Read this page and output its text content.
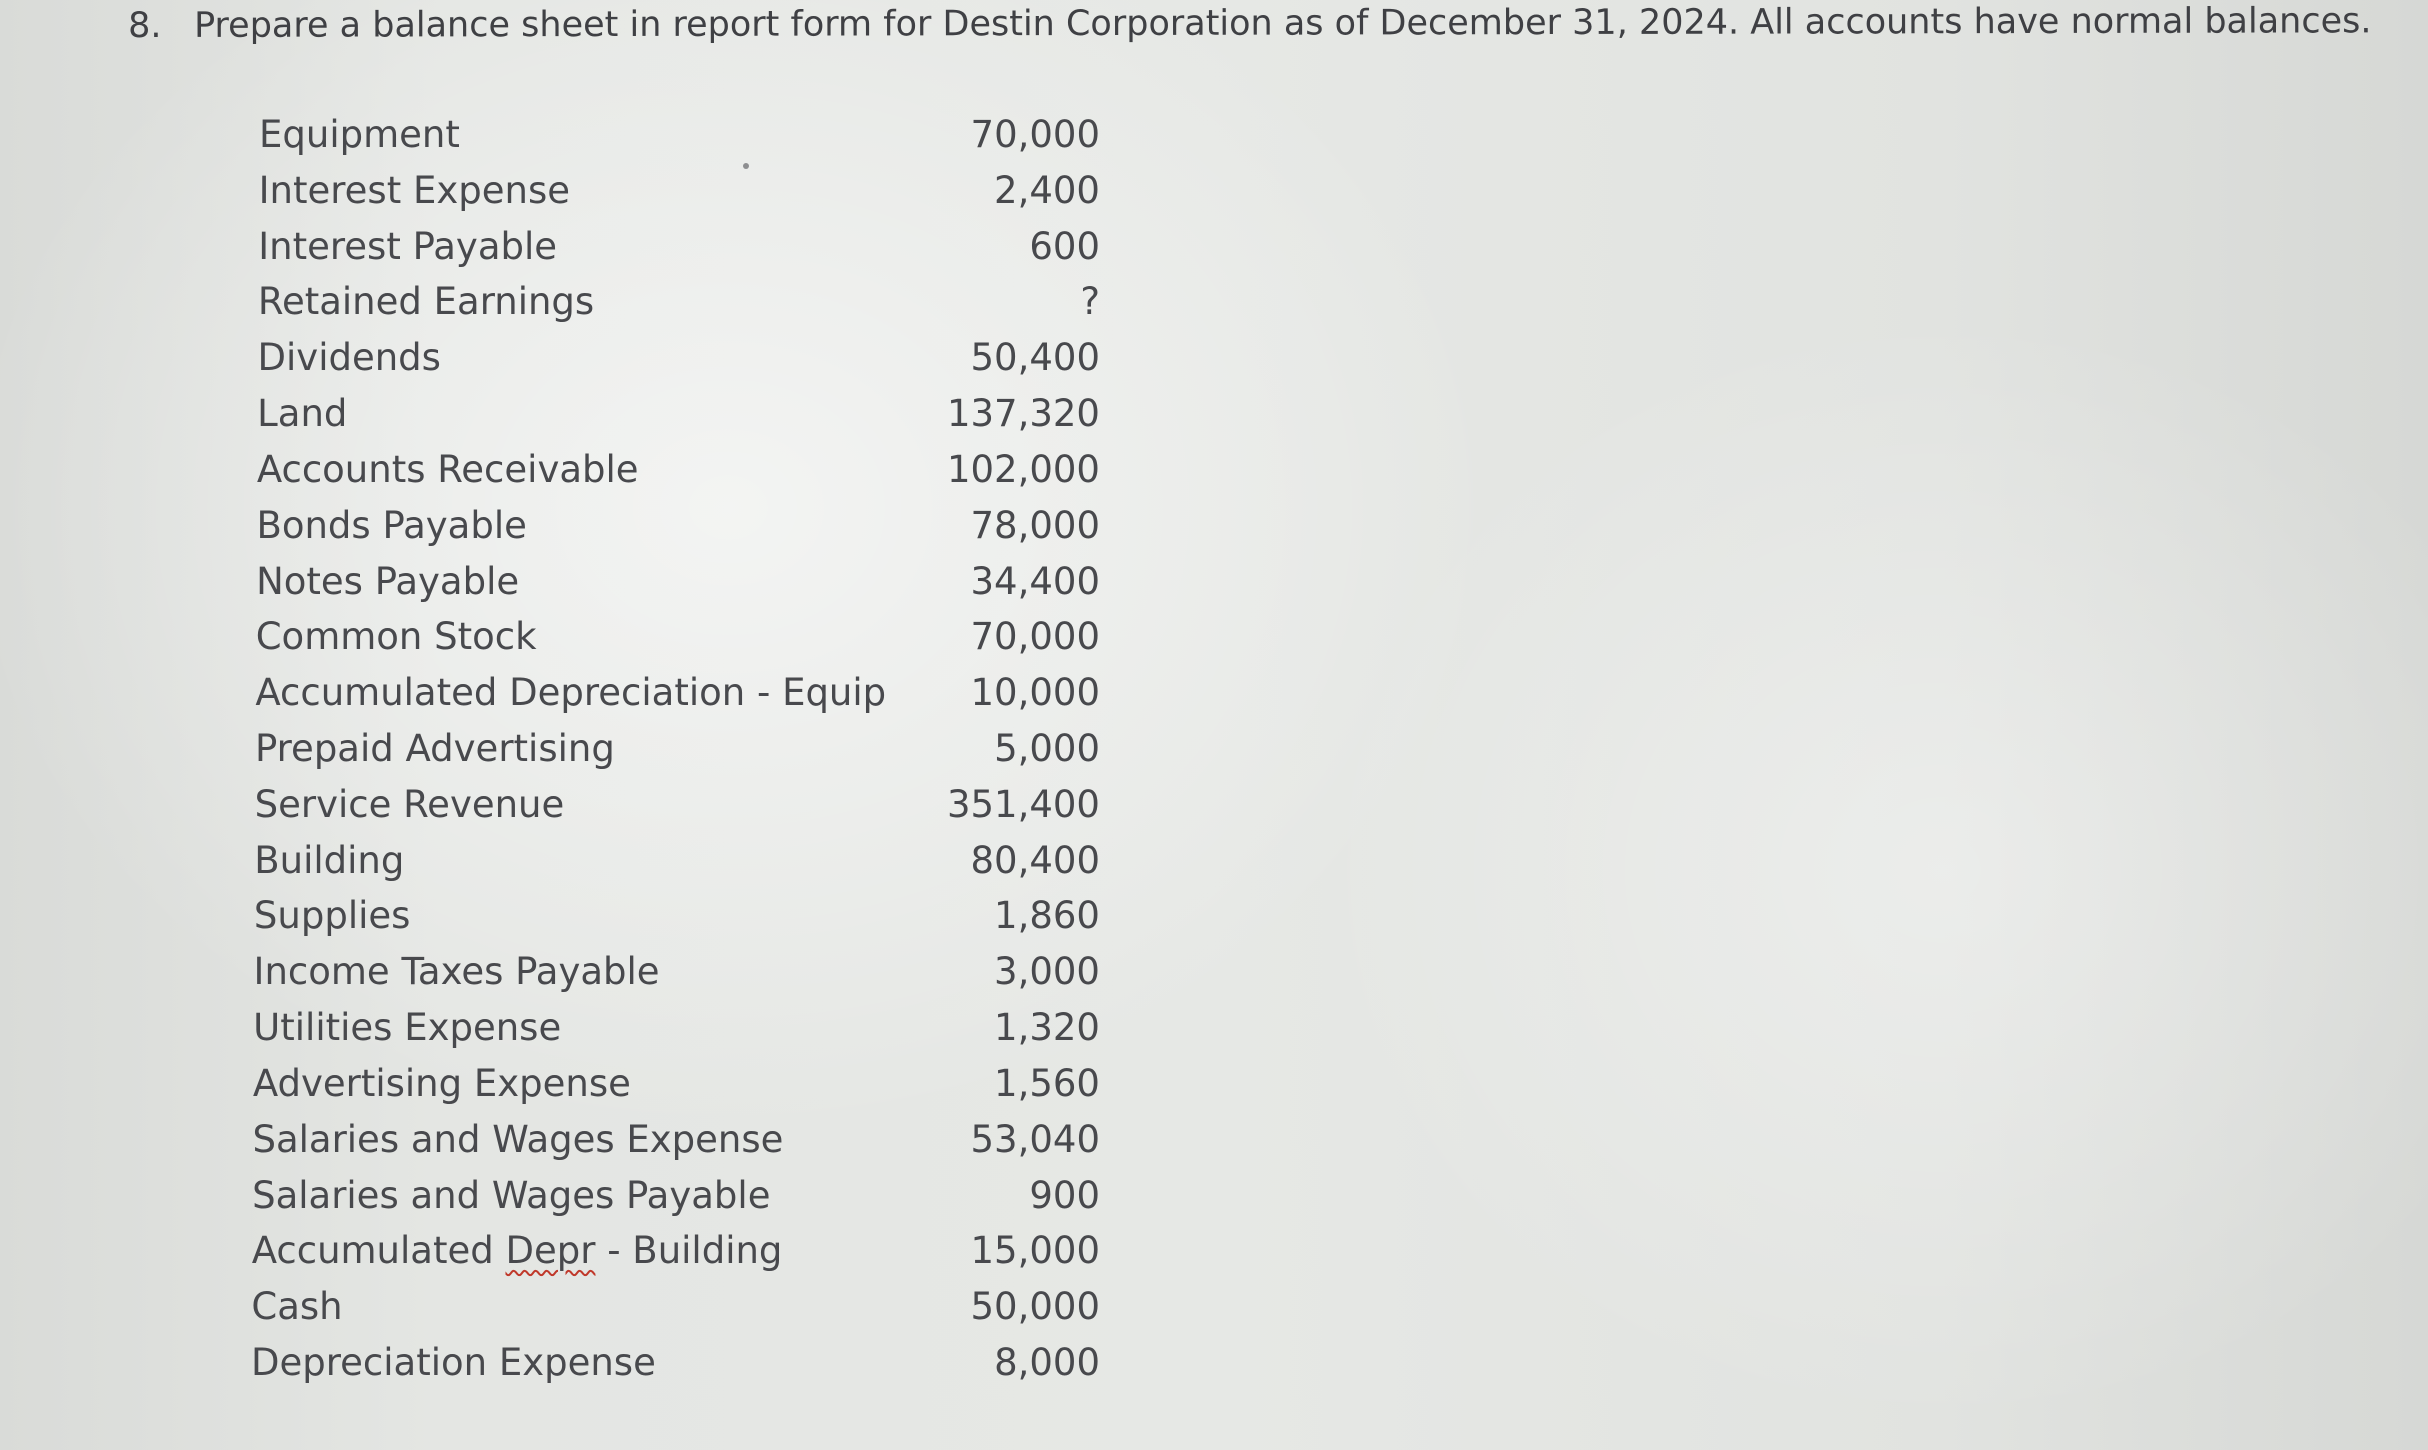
8. Prepare a balance sheet in report form for Destin Corporation as of December 31, 2024. All accounts have normal balances.
Equipment	70,000
Interest Expense	2,400
Interest Payable	600
Retained Earnings	?
Dividends	50,400
Land	137,320
Accounts Receivable	102,000
Bonds Payable	78,000
Notes Payable	34,400
Common Stock	70,000
Accumulated Depreciation - Equip 10,000
Prepaid Advertising	5,000
Service Revenue	351,400
Building	80,400
Supplies	1,860
Income Taxes Payable	3,000
Utilities Expense	1,320
Advertising Expense	1,560
Salaries and Wages Expense	53,040
Salaries and Wages Payable	900
Accumulated Depr - Building	15,000
Cash	50,000
Depreciation Expense	8,000
